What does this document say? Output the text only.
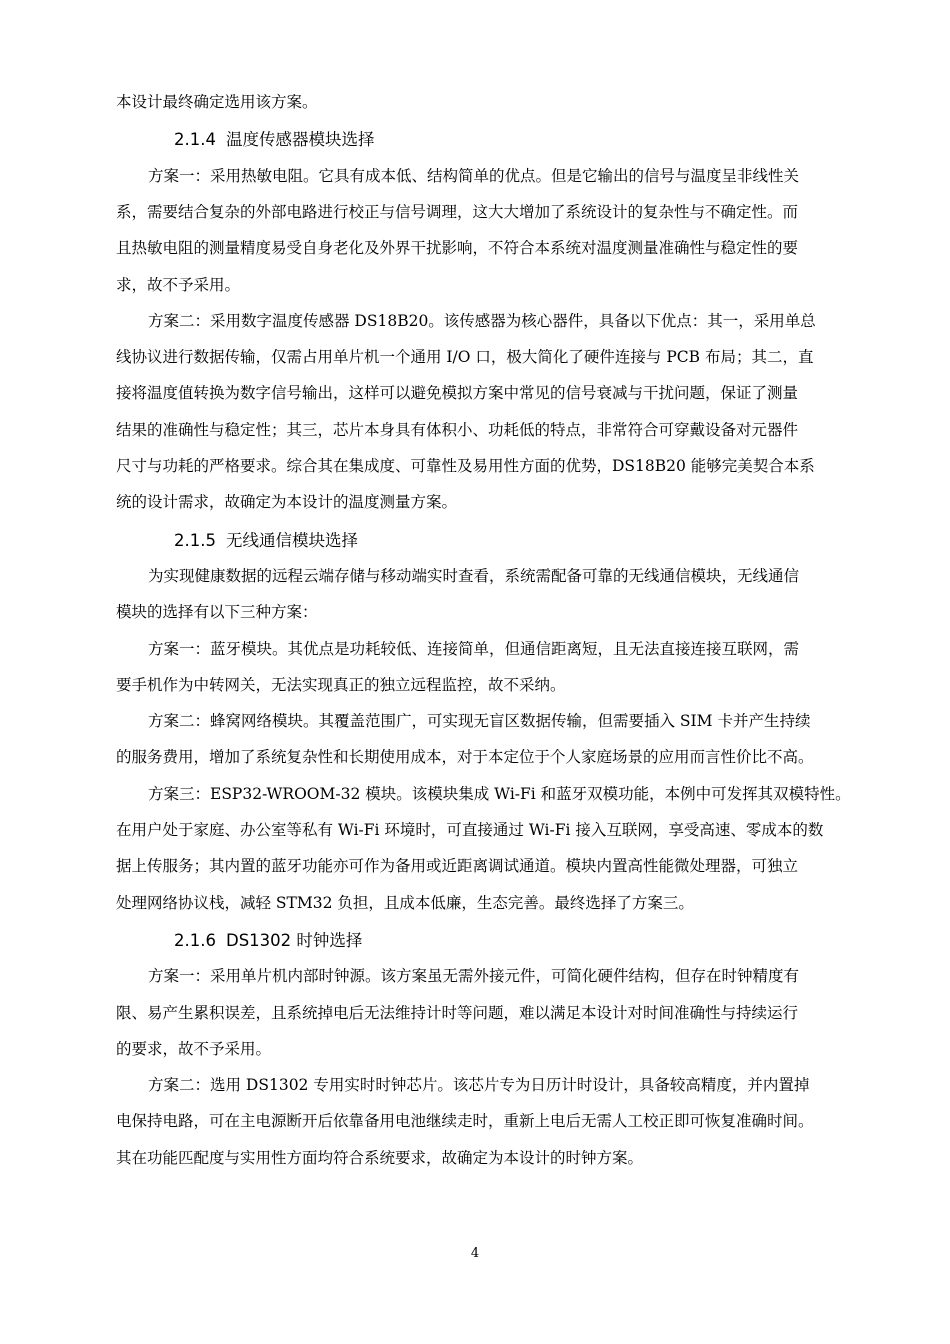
本设计最终确定选用该方案。
2.1.4 温度传感器模块选择
方案一：采用热敏电阻。它具有成本低、结构简单的优点。但是它输出的信号与温度呈非线性关
系，需要结合复杂的外部电路进行校正与信号调理，这大大增加了系统设计的复杂性与不确定性。而
且热敏电阻的测量精度易受自身老化及外界干扰影响，不符合本系统对温度测量准确性与稳定性的要
求，故不予采用。
方案二：采用数字温度传感器 DS18B20。该传感器为核心器件，具备以下优点：其一，采用单总
线协议进行数据传输，仅需占用单片机一个通用 I/O 口，极大简化了硬件连接与 PCB 布局；其二，直
接将温度值转换为数字信号输出，这样可以避免模拟方案中常见的信号衰减与干扰问题，保证了测量
结果的准确性与稳定性；其三，芯片本身具有体积小、功耗低的特点，非常符合可穿戴设备对元器件
尺寸与功耗的严格要求。综合其在集成度、可靠性及易用性方面的优势，DS18B20 能够完美契合本系
统的设计需求，故确定为本设计的温度测量方案。
2.1.5 无线通信模块选择
为实现健康数据的远程云端存储与移动端实时查看，系统需配备可靠的无线通信模块，无线通信
模块的选择有以下三种方案：
方案一：蓝牙模块。其优点是功耗较低、连接简单，但通信距离短，且无法直接连接互联网，需
要手机作为中转网关，无法实现真正的独立远程监控，故不采纳。
方案二：蜂窝网络模块。其覆盖范围广，可实现无盲区数据传输，但需要插入 SIM 卡并产生持续
的服务费用，增加了系统复杂性和长期使用成本，对于本定位于个人家庭场景的应用而言性价比不高。
方案三：ESP32-WROOM-32 模块。该模块集成 Wi-Fi 和蓝牙双模功能，本例中可发挥其双模特性。
在用户处于家庭、办公室等私有 Wi-Fi 环境时，可直接通过 Wi-Fi 接入互联网，享受高速、零成本的数
据上传服务；其内置的蓝牙功能亦可作为备用或近距离调试通道。模块内置高性能微处理器，可独立
处理网络协议栈，减轻 STM32 负担，且成本低廉，生态完善。最终选择了方案三。
2.1.6 DS1302 时钟选择
方案一：采用单片机内部时钟源。该方案虽无需外接元件，可简化硬件结构，但存在时钟精度有
限、易产生累积误差，且系统掉电后无法维持计时等问题，难以满足本设计对时间准确性与持续运行
的要求，故不予采用。
方案二：选用 DS1302 专用实时时钟芯片。该芯片专为日历计时设计，具备较高精度，并内置掉
电保持电路，可在主电源断开后依靠备用电池继续走时，重新上电后无需人工校正即可恢复准确时间。
其在功能匹配度与实用性方面均符合系统要求，故确定为本设计的时钟方案。
4
